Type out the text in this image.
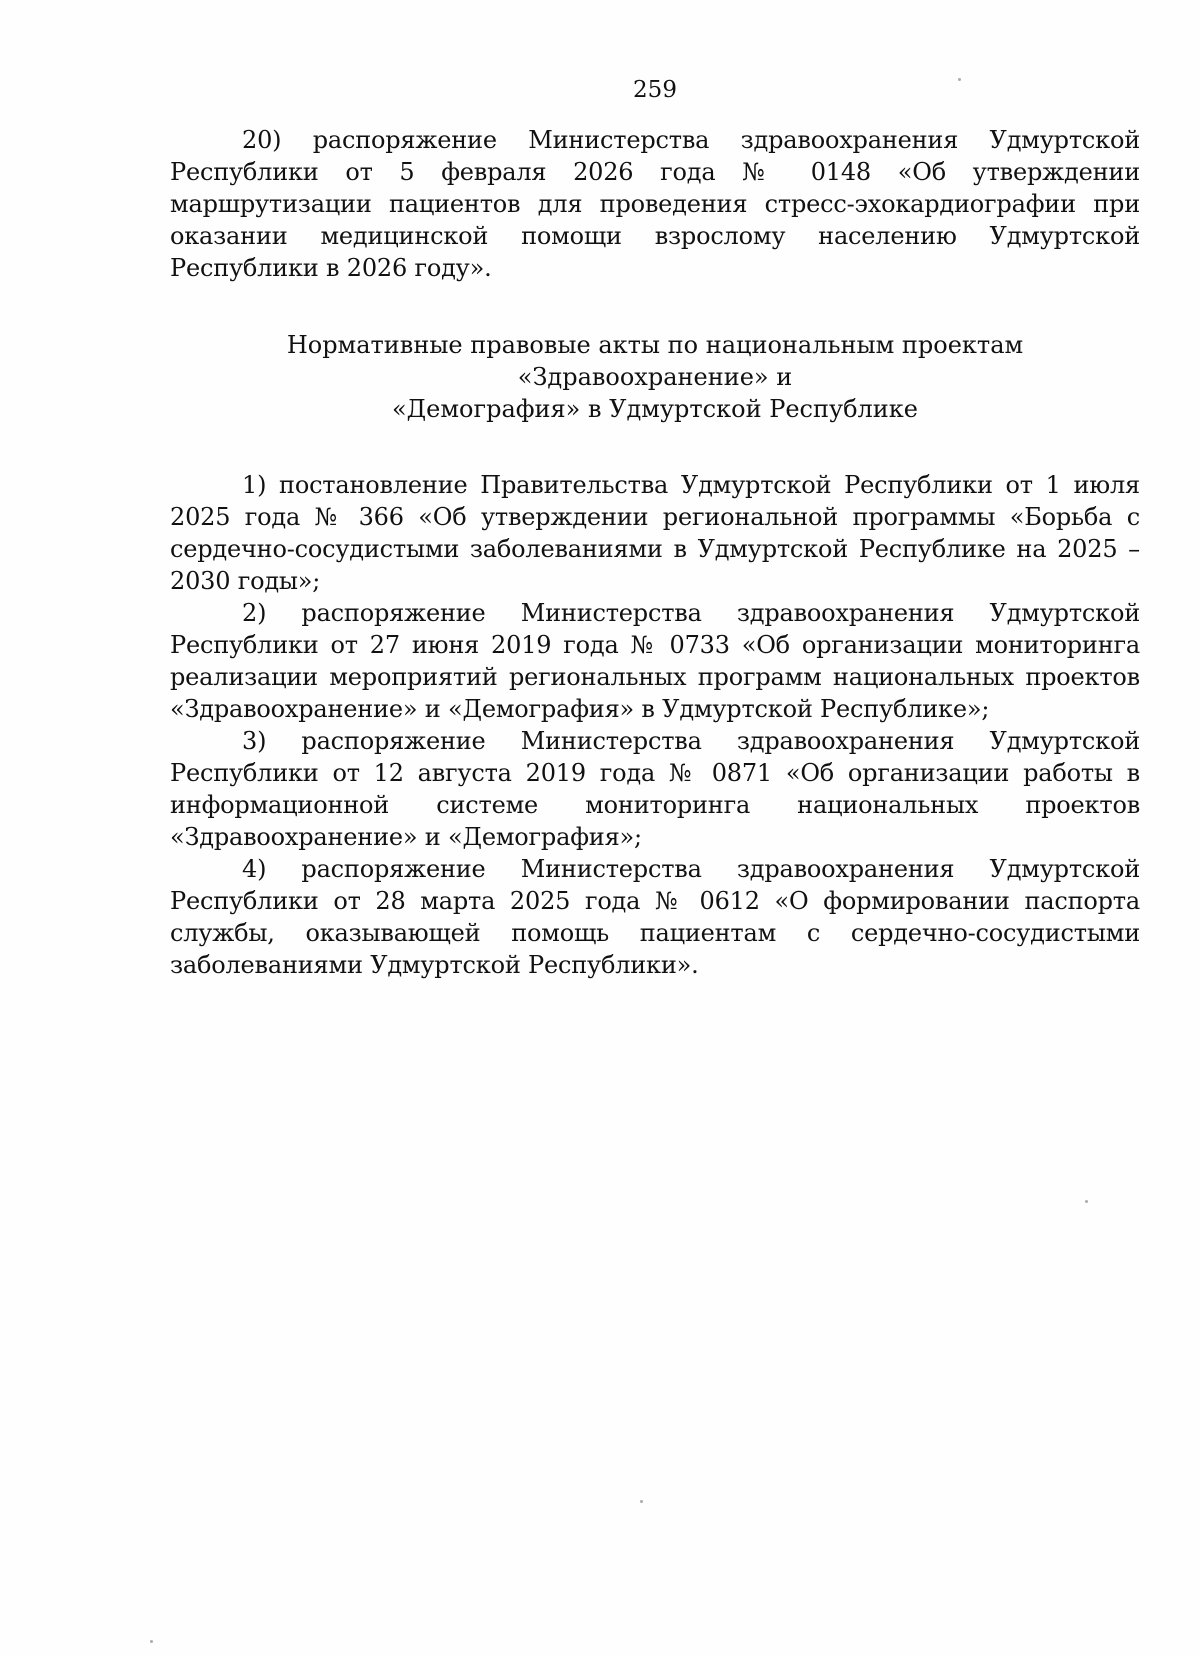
259

20) распоряжение Министерства здравоохранения Удмуртской Республики от 5 февраля 2026 года № 0148 «Об утверждении маршрутизации пациентов для проведения стресс-эхокардиографии при оказании медицинской помощи взрослому населению Удмуртской Республики в 2026 году».

Нормативные правовые акты по национальным проектам «Здравоохранение» и
«Демография» в Удмуртской Республике

1) постановление Правительства Удмуртской Республики от 1 июля 2025 года № 366 «Об утверждении региональной программы «Борьба с сердечно-сосудистыми заболеваниями в Удмуртской Республике на 2025 – 2030 годы»;

2) распоряжение Министерства здравоохранения Удмуртской Республики от 27 июня 2019 года № 0733 «Об организации мониторинга реализации мероприятий региональных программ национальных проектов «Здравоохранение» и «Демография» в Удмуртской Республике»;

3) распоряжение Министерства здравоохранения Удмуртской Республики от 12 августа 2019 года № 0871 «Об организации работы в информационной системе мониторинга национальных проектов «Здравоохранение» и «Демография»;

4) распоряжение Министерства здравоохранения Удмуртской Республики от 28 марта 2025 года № 0612 «О формировании паспорта службы, оказывающей помощь пациентам с сердечно-сосудистыми заболеваниями Удмуртской Республики».
